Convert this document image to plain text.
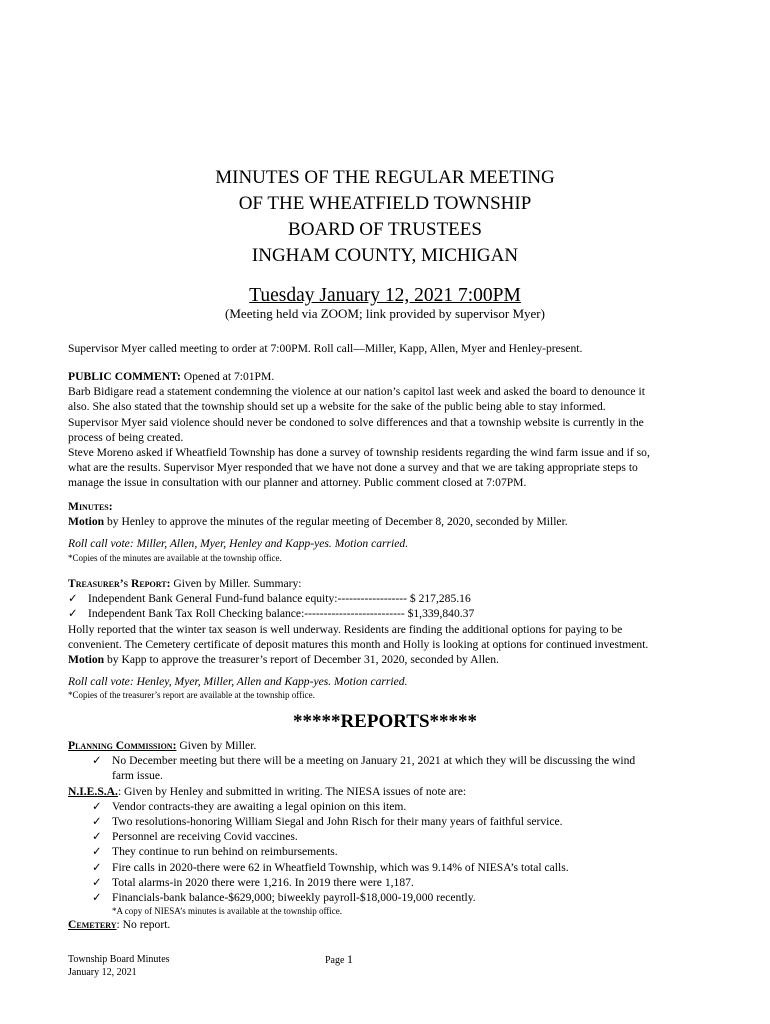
MINUTES OF THE REGULAR MEETING
OF THE WHEATFIELD TOWNSHIP
BOARD OF TRUSTEES
INGHAM COUNTY, MICHIGAN
Tuesday January 12, 2021 7:00PM
(Meeting held via ZOOM; link provided by supervisor Myer)
Supervisor Myer called meeting to order at 7:00PM. Roll call—Miller, Kapp, Allen, Myer and Henley-present.
PUBLIC COMMENT: Opened at 7:01PM.
Barb Bidigare read a statement condemning the violence at our nation’s capitol last week and asked the board to denounce it
also. She also stated that the township should set up a website for the sake of the public being able to stay informed.
Supervisor Myer said violence should never be condoned to solve differences and that a township website is currently in the
process of being created.
Steve Moreno asked if Wheatfield Township has done a survey of township residents regarding the wind farm issue and if so,
what are the results. Supervisor Myer responded that we have not done a survey and that we are taking appropriate steps to
manage the issue in consultation with our planner and attorney. Public comment closed at 7:07PM.
Minutes:
Motion by Henley to approve the minutes of the regular meeting of December 8, 2020, seconded by Miller.
Roll call vote: Miller, Allen, Myer, Henley and Kapp-yes. Motion carried.
*Copies of the minutes are available at the township office.
Treasurer’s Report: Given by Miller. Summary:
✓ Independent Bank General Fund-fund balance equity:------------------ $ 217,285.16
✓ Independent Bank Tax Roll Checking balance:-------------------------- $1,339,840.37
Holly reported that the winter tax season is well underway. Residents are finding the additional options for paying to be
convenient. The Cemetery certificate of deposit matures this month and Holly is looking at options for continued investment.
Motion by Kapp to approve the treasurer’s report of December 31, 2020, seconded by Allen.
Roll call vote: Henley, Myer, Miller, Allen and Kapp-yes. Motion carried.
*Copies of the treasurer’s report are available at the township office.
*****REPORTS*****
Planning Commission: Given by Miller.
✓ No December meeting but there will be a meeting on January 21, 2021 at which they will be discussing the wind
farm issue.
N.I.E.S.A.: Given by Henley and submitted in writing. The NIESA issues of note are:
✓ Vendor contracts-they are awaiting a legal opinion on this item.
✓ Two resolutions-honoring William Siegal and John Risch for their many years of faithful service.
✓ Personnel are receiving Covid vaccines.
✓ They continue to run behind on reimbursements.
✓ Fire calls in 2020-there were 62 in Wheatfield Township, which was 9.14% of NIESA’s total calls.
✓ Total alarms-in 2020 there were 1,216. In 2019 there were 1,187.
✓ Financials-bank balance-$629,000; biweekly payroll-$18,000-19,000 recently.
*A copy of NIESA’s minutes is available at the township office.
Cemetery: No report.
Township Board Minutes
January 12, 2021
Page 1
